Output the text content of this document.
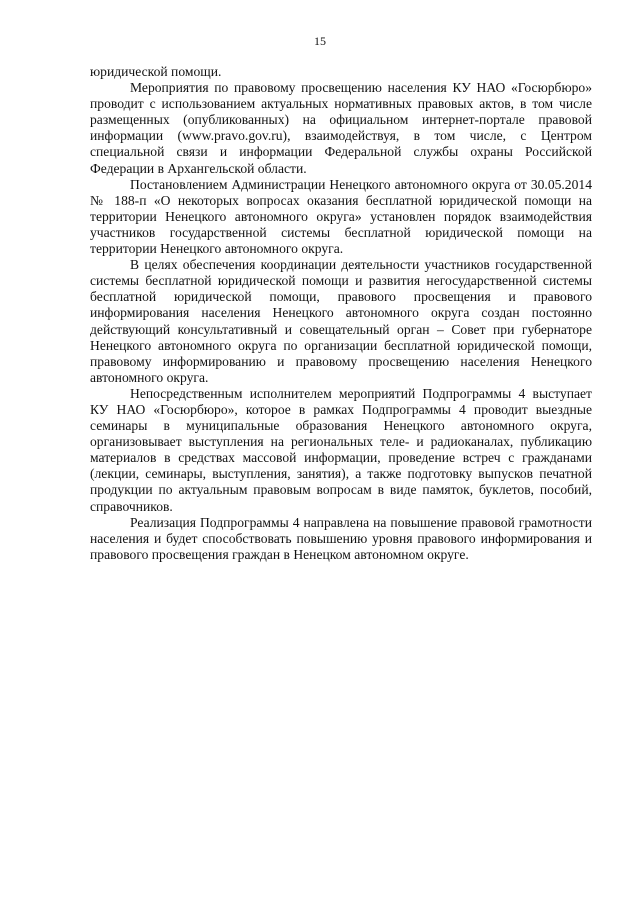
15

юридической помощи.

Мероприятия по правовому просвещению населения КУ НАО «Госюрбюро» проводит с использованием актуальных нормативных правовых актов, в том числе размещенных (опубликованных) на официальном интернет-портале правовой информации (www.pravo.gov.ru), взаимодействуя, в том числе, с Центром специальной связи и информации Федеральной службы охраны Российской Федерации в Архангельской области.

Постановлением Администрации Ненецкого автономного округа от 30.05.2014 № 188-п «О некоторых вопросах оказания бесплатной юридической помощи на территории Ненецкого автономного округа» установлен порядок взаимодействия участников государственной системы бесплатной юридической помощи на территории Ненецкого автономного округа.

В целях обеспечения координации деятельности участников государственной системы бесплатной юридической помощи и развития негосударственной системы бесплатной юридической помощи, правового просвещения и правового информирования населения Ненецкого автономного округа создан постоянно действующий консультативный и совещательный орган – Совет при губернаторе Ненецкого автономного округа по организации бесплатной юридической помощи, правовому информированию и правовому просвещению населения Ненецкого автономного округа.

Непосредственным исполнителем мероприятий Подпрограммы 4 выступает КУ НАО «Госюрбюро», которое в рамках Подпрограммы 4 проводит выездные семинары в муниципальные образования Ненецкого автономного округа, организовывает выступления на региональных теле- и радиоканалах, публикацию материалов в средствах массовой информации, проведение встреч с гражданами (лекции, семинары, выступления, занятия), а также подготовку выпусков печатной продукции по актуальным правовым вопросам в виде памяток, буклетов, пособий, справочников.

Реализация Подпрограммы 4 направлена на повышение правовой грамотности населения и будет способствовать повышению уровня правового информирования и правового просвещения граждан в Ненецком автономном округе.
